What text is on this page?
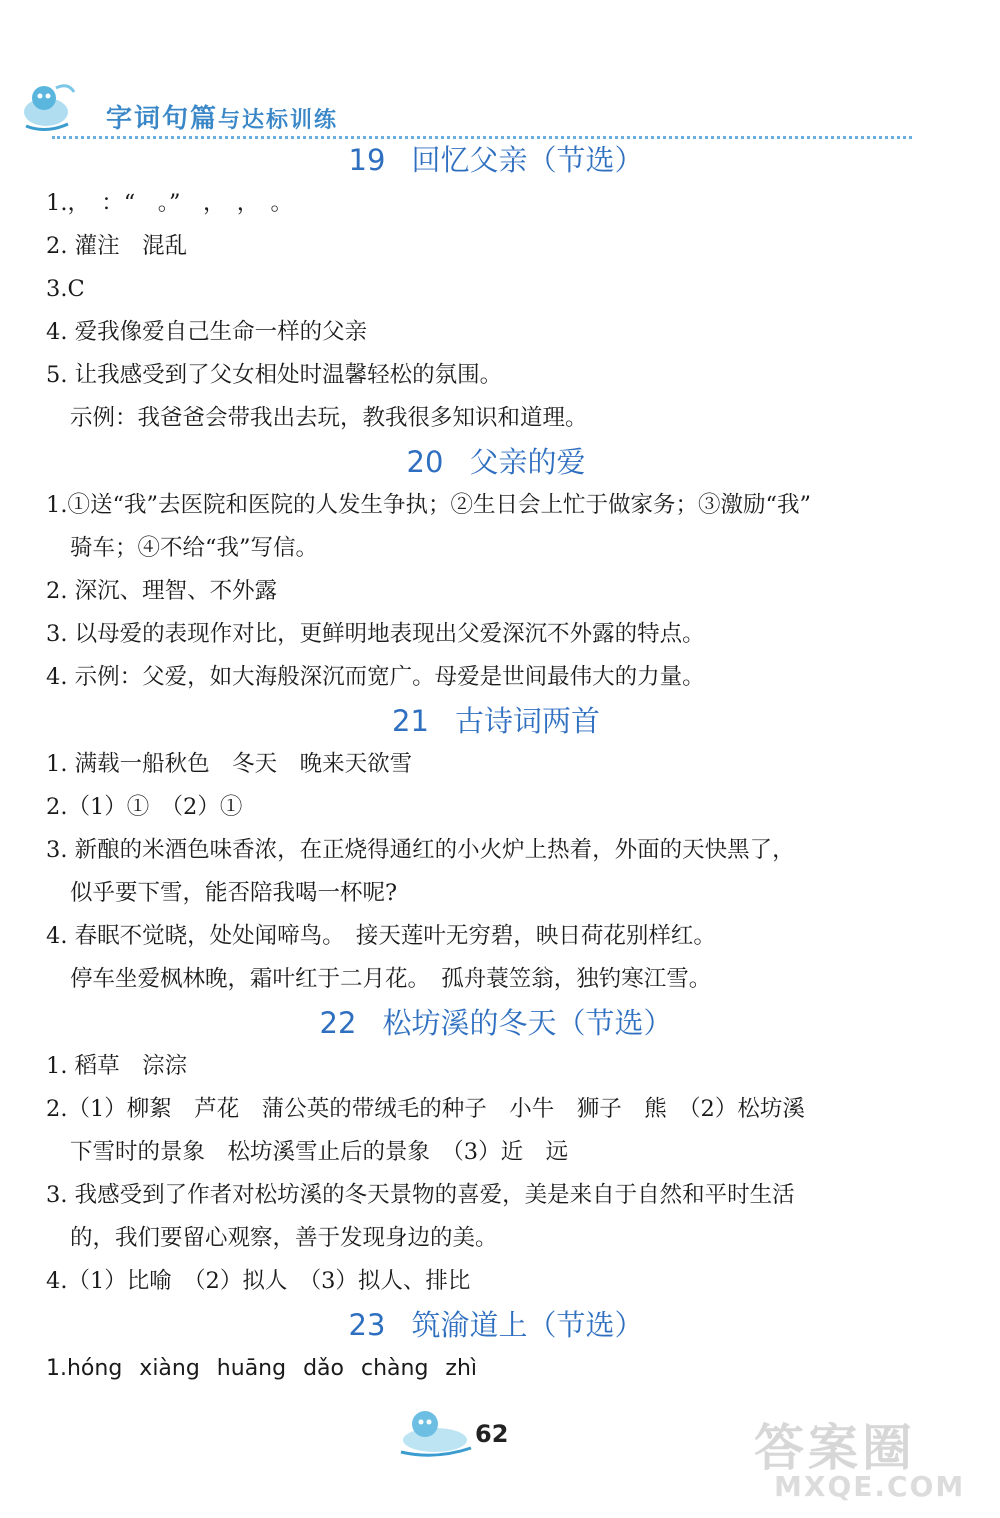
字词句篇与达标训练
19 回忆父亲（节选）
1.，　：“　。”　，　，　。
2. 灌注　混乱
3.C
4. 爱我像爱自己生命一样的父亲
5. 让我感受到了父女相处时温馨轻松的氛围。
示例：我爸爸会带我出去玩，教我很多知识和道理。
20 父亲的爱
1.①送“我”去医院和医院的人发生争执；②生日会上忙于做家务；③激励“我”
骑车；④不给“我”写信。
2. 深沉、理智、不外露
3. 以母爱的表现作对比，更鲜明地表现出父爱深沉不外露的特点。
4. 示例：父爱，如大海般深沉而宽广。母爱是世间最伟大的力量。
21 古诗词两首
1. 满载一船秋色　冬天　晚来天欲雪
2.（1）①　（2）①
3. 新酿的米酒色味香浓，在正烧得通红的小火炉上热着，外面的天快黑了，
似乎要下雪，能否陪我喝一杯呢?
4. 春眠不觉晓，处处闻啼鸟。　接天莲叶无穷碧，映日荷花别样红。
停车坐爱枫林晚，霜叶红于二月花。　孤舟蓑笠翁，独钓寒江雪。
22 松坊溪的冬天（节选）
1. 稻草　淙淙
2.（1）柳絮　芦花　蒲公英的带绒毛的种子　小牛　狮子　熊　（2）松坊溪
下雪时的景象　松坊溪雪止后的景象　（3）近　远
3. 我感受到了作者对松坊溪的冬天景物的喜爱，美是来自于自然和平时生活
的，我们要留心观察，善于发现身边的美。
4.（1）比喻　（2）拟人　（3）拟人、排比
23 筑渝道上（节选）
1.hóng xiàng huāng dǎo chàng zhì
62	答案圈
MXQE.COM
